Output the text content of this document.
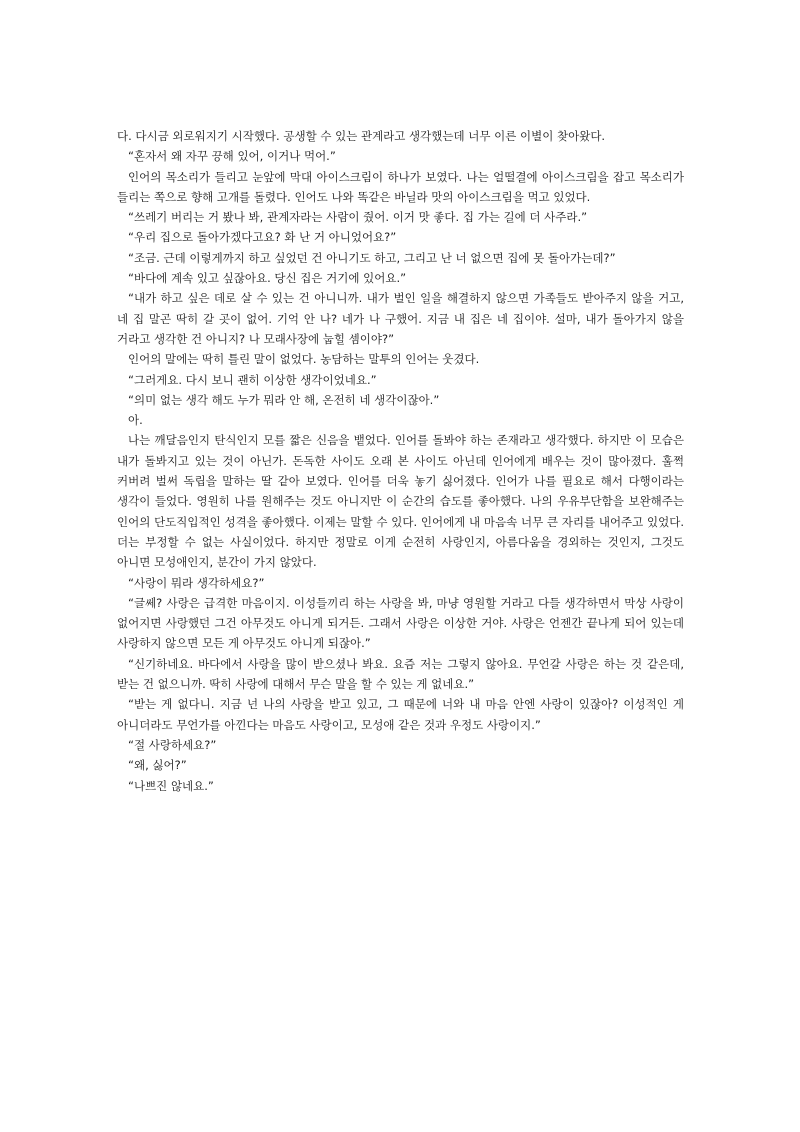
다. 다시금 외로워지기 시작했다. 공생할 수 있는 관계라고 생각했는데 너무 이른 이별이 찾아왔다.

“혼자서 왜 자꾸 끙해 있어, 이거나 먹어.”

인어의 목소리가 들리고 눈앞에 막대 아이스크림이 하나가 보였다. 나는 얼떨결에 아이스크림을 잡고 목소리가 들리는 쪽으로 향해 고개를 돌렸다. 인어도 나와 똑같은 바닐라 맛의 아이스크림을 먹고 있었다.

“쓰레기 버리는 거 봤나 봐, 관계자라는 사람이 줬어. 이거 맛 좋다. 집 가는 길에 더 사주라.”

“우리 집으로 돌아가겠다고요? 화 난 거 아니었어요?”

“조금. 근데 이렇게까지 하고 싶었던 건 아니기도 하고, 그리고 난 너 없으면 집에 못 돌아가는데?”

“바다에 계속 있고 싶잖아요. 당신 집은 거기에 있어요.”

“내가 하고 싶은 데로 살 수 있는 건 아니니까. 내가 벌인 일을 해결하지 않으면 가족들도 받아주지 않을 거고, 네 집 말곤 딱히 갈 곳이 없어. 기억 안 나? 네가 나 구했어. 지금 내 집은 네 집이야. 설마, 내가 돌아가지 않을 거라고 생각한 건 아니지? 나 모래사장에 눕힐 셈이야?”

인어의 말에는 딱히 틀린 말이 없었다. 농담하는 말투의 인어는 웃겼다.

“그러게요. 다시 보니 괜히 이상한 생각이었네요.”

“의미 없는 생각 해도 누가 뭐라 안 해, 온전히 네 생각이잖아.”

아.

나는 깨달음인지 탄식인지 모를 짧은 신음을 뱉었다. 인어를 돌봐야 하는 존재라고 생각했다. 하지만 이 모습은 내가 돌봐지고 있는 것이 아닌가. 돈독한 사이도 오래 본 사이도 아닌데 인어에게 배우는 것이 많아졌다. 훌쩍 커버려 벌써 독립을 말하는 딸 같아 보였다. 인어를 더욱 놓기 싫어졌다. 인어가 나를 필요로 해서 다행이라는 생각이 들었다. 영원히 나를 원해주는 것도 아니지만 이 순간의 습도를 좋아했다. 나의 우유부단함을 보완해주는 인어의 단도직입적인 성격을 좋아했다. 이제는 말할 수 있다. 인어에게 내 마음속 너무 큰 자리를 내어주고 있었다. 더는 부정할 수 없는 사실이었다. 하지만 정말로 이게 순전히 사랑인지, 아름다움을 경외하는 것인지, 그것도 아니면 모성애인지, 분간이 가지 않았다.

“사랑이 뭐라 생각하세요?”

“글쎄? 사랑은 급격한 마음이지. 이성들끼리 하는 사랑을 봐, 마냥 영원할 거라고 다들 생각하면서 막상 사랑이 없어지면 사랑했던 그건 아무것도 아니게 되거든. 그래서 사랑은 이상한 거야. 사랑은 언젠간 끝나게 되어 있는데 사랑하지 않으면 모든 게 아무것도 아니게 되잖아.”

“신기하네요. 바다에서 사랑을 많이 받으셨나 봐요. 요즘 저는 그렇지 않아요. 무언갈 사랑은 하는 것 같은데, 받는 건 없으니까. 딱히 사랑에 대해서 무슨 말을 할 수 있는 게 없네요.”

“받는 게 없다니. 지금 넌 나의 사랑을 받고 있고, 그 때문에 너와 내 마음 안엔 사랑이 있잖아? 이성적인 게 아니더라도 무언가를 아낀다는 마음도 사랑이고, 모성애 같은 것과 우정도 사랑이지.”

“절 사랑하세요?”

“왜, 싫어?”

“나쁘진 않네요.”
